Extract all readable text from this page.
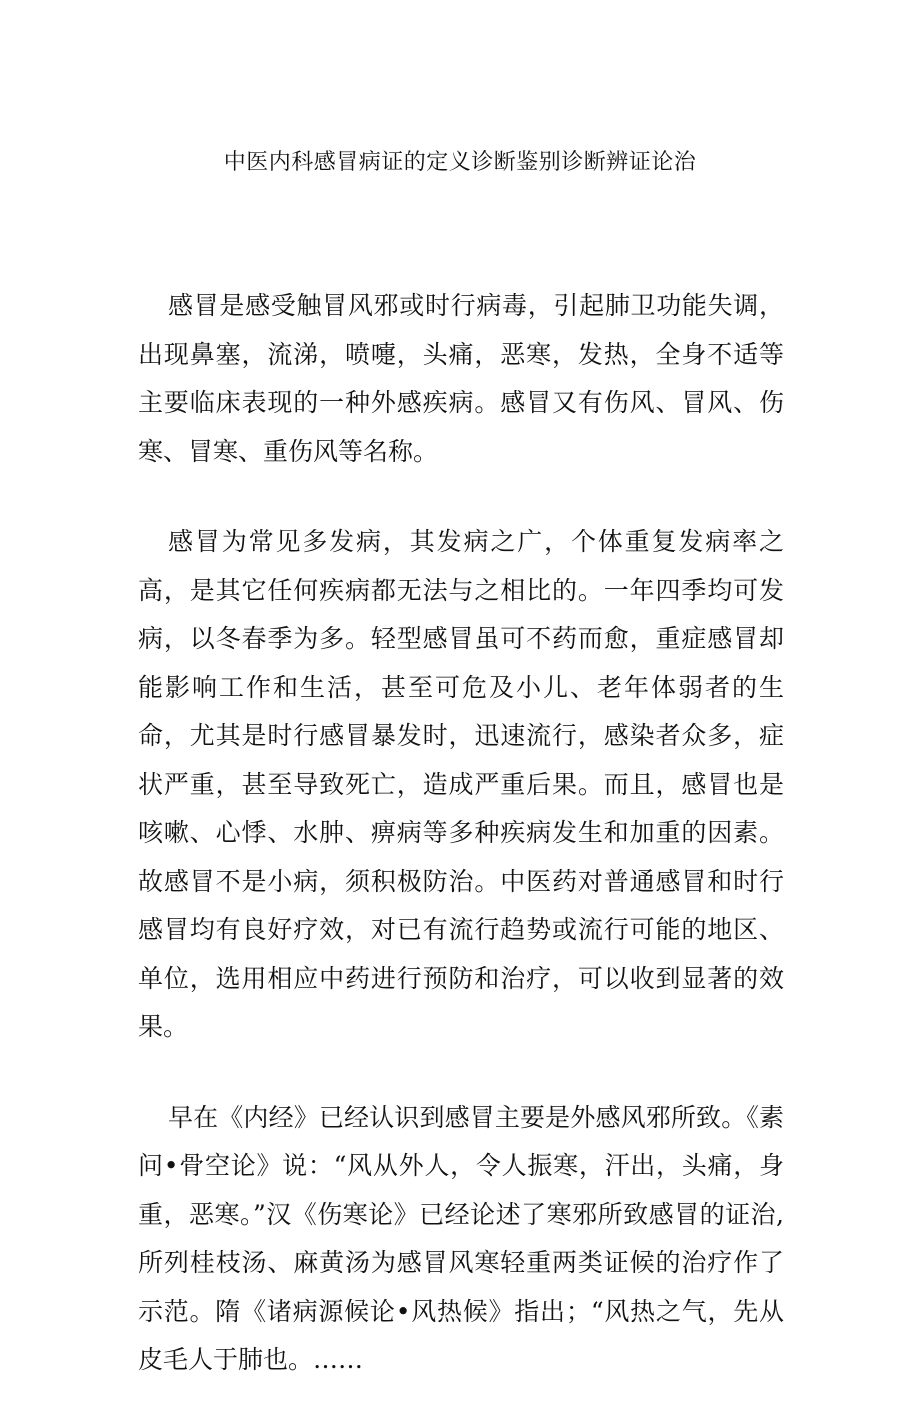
中医内科感冒病证的定义诊断鉴别诊断辨证论治

感冒是感受触冒风邪或时行病毒，引起肺卫功能失调，出现鼻塞，流涕，喷嚏，头痛，恶寒，发热，全身不适等主要临床表现的一种外感疾病。感冒又有伤风、冒风、伤寒、冒寒、重伤风等名称。

感冒为常见多发病，其发病之广，个体重复发病率之高，是其它任何疾病都无法与之相比的。一年四季均可发病，以冬春季为多。轻型感冒虽可不药而愈，重症感冒却能影响工作和生活，甚至可危及小儿、老年体弱者的生命，尤其是时行感冒暴发时，迅速流行，感染者众多，症状严重，甚至导致死亡，造成严重后果。而且，感冒也是咳嗽、心悸、水肿、痹病等多种疾病发生和加重的因素。故感冒不是小病，须积极防治。中医药对普通感冒和时行感冒均有良好疗效，对已有流行趋势或流行可能的地区、单位，选用相应中药进行预防和治疗，可以收到显著的效果。

早在《内经》已经认识到感冒主要是外感风邪所致。《素问•骨空论》说：“风从外人，令人振寒，汗出，头痛，身重，恶寒。”汉《伤寒论》已经论述了寒邪所致感冒的证治,所列桂枝汤、麻黄汤为感冒风寒轻重两类证候的治疗作了示范。隋《诸病源候论•风热候》指出；“风热之气，先从皮毛人于肺也。……
